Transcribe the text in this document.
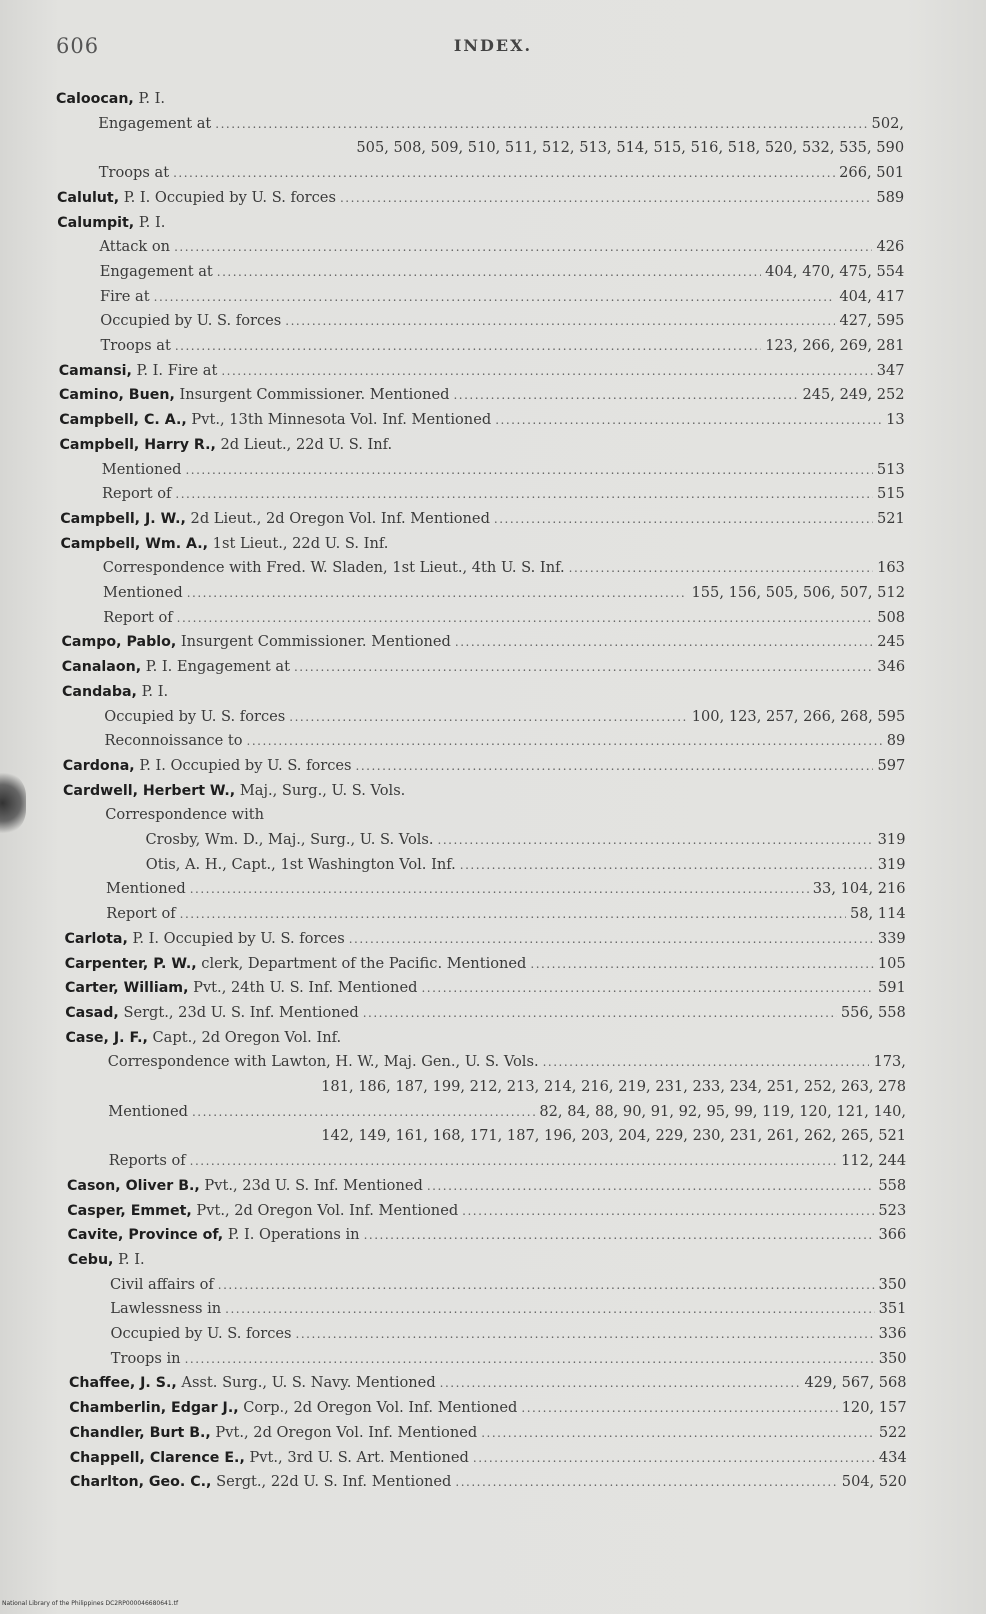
606	INDEX.
Caloocan, P. I.
Engagement at .....	502,
505, 508, 509, 510, 511, 512, 513, 514, 515, 516, 518, 520, 532, 535, 590
Troops at .....	266, 501
Calulut, P. I. Occupied by U. S. forces .....	589
Calumpit, P. I.
Attack on .....	426
Engagement at .....	404, 470, 475, 554
Fire at .....	404, 417
Occupied by U. S. forces .....	427, 595
Troops at .....	123, 266, 269, 281
Camansi, P. I. Fire at .....	347
Camino, Buen, Insurgent Commissioner. Mentioned .....	245, 249, 252
Campbell, C. A., Pvt., 13th Minnesota Vol. Inf. Mentioned .....	13
Campbell, Harry R., 2d Lieut., 22d U. S. Inf.
Mentioned .....	513
Report of .....	515
Campbell, J. W., 2d Lieut., 2d Oregon Vol. Inf. Mentioned .....	521
Campbell, Wm. A., 1st Lieut., 22d U. S. Inf.
Correspondence with Fred. W. Sladen, 1st Lieut., 4th U. S. Inf. .....	163
Mentioned .....	155, 156, 505, 506, 507, 512
Report of .....	508
Campo, Pablo, Insurgent Commissioner. Mentioned .....	245
Canalaon, P. I. Engagement at .....	346
Candaba, P. I.
Occupied by U. S. forces .....	100, 123, 257, 266, 268, 595
Reconnoissance to .....	89
Cardona, P. I. Occupied by U. S. forces .....	597
Cardwell, Herbert W., Maj., Surg., U. S. Vols.
Correspondence with
Crosby, Wm. D., Maj., Surg., U. S. Vols. .....	319
Otis, A. H., Capt., 1st Washington Vol. Inf. .....	319
Mentioned .....	33, 104, 216
Report of .....	58, 114
Carlota, P. I. Occupied by U. S. forces .....	339
Carpenter, P. W., clerk, Department of the Pacific. Mentioned .....	105
Carter, William, Pvt., 24th U. S. Inf. Mentioned .....	591
Casad, Sergt., 23d U. S. Inf. Mentioned .....	556, 558
Case, J. F., Capt., 2d Oregon Vol. Inf.
Correspondence with Lawton, H. W., Maj. Gen., U. S. Vols. .....	173,
181, 186, 187, 199, 212, 213, 214, 216, 219, 231, 233, 234, 251, 252, 263, 278
Mentioned .....	82, 84, 88, 90, 91, 92, 95, 99, 119, 120, 121, 140,
142, 149, 161, 168, 171, 187, 196, 203, 204, 229, 230, 231, 261, 262, 265, 521
Reports of .....	112, 244
Cason, Oliver B., Pvt., 23d U. S. Inf. Mentioned .....	558
Casper, Emmet, Pvt., 2d Oregon Vol. Inf. Mentioned .....	523
Cavite, Province of, P. I. Operations in .....	366
Cebu, P. I.
Civil affairs of .....	350
Lawlessness in .....	351
Occupied by U. S. forces .....	336
Troops in .....	350
Chaffee, J. S., Asst. Surg., U. S. Navy. Mentioned .....	429, 567, 568
Chamberlin, Edgar J., Corp., 2d Oregon Vol. Inf. Mentioned .....	120, 157
Chandler, Burt B., Pvt., 2d Oregon Vol. Inf. Mentioned .....	522
Chappell, Clarence E., Pvt., 3rd U. S. Art. Mentioned .....	434
Charlton, Geo. C., Sergt., 22d U. S. Inf. Mentioned .....	504, 520
National Library of the Philippines DC2RP000046680641.tf
